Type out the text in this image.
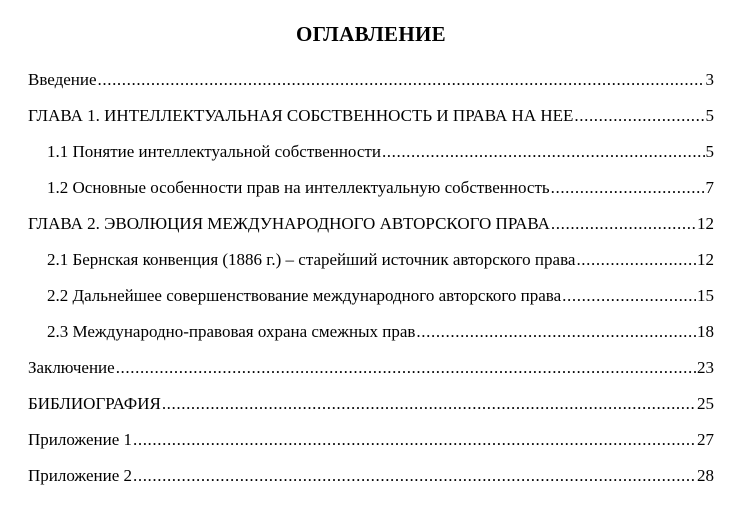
ОГЛАВЛЕНИЕ
Введение .....	3
ГЛАВА 1. ИНТЕЛЛЕКТУАЛЬНАЯ СОБСТВЕННОСТЬ И ПРАВА НА НЕЕ .....	5
1.1 Понятие интеллектуальной собственности .....	5
1.2 Основные особенности прав на интеллектуальную собственность .....	7
ГЛАВА 2. ЭВОЛЮЦИЯ МЕЖДУНАРОДНОГО АВТОРСКОГО ПРАВА .....	12
2.1 Бернская конвенция (1886 г.) – старейший источник авторского права .....	12
2.2 Дальнейшее совершенствование международного авторского права .....	15
2.3 Международно-правовая охрана смежных прав .....	18
Заключение .....	23
БИБЛИОГРАФИЯ .....	25
Приложение 1 .....	27
Приложение 2 .....	28
